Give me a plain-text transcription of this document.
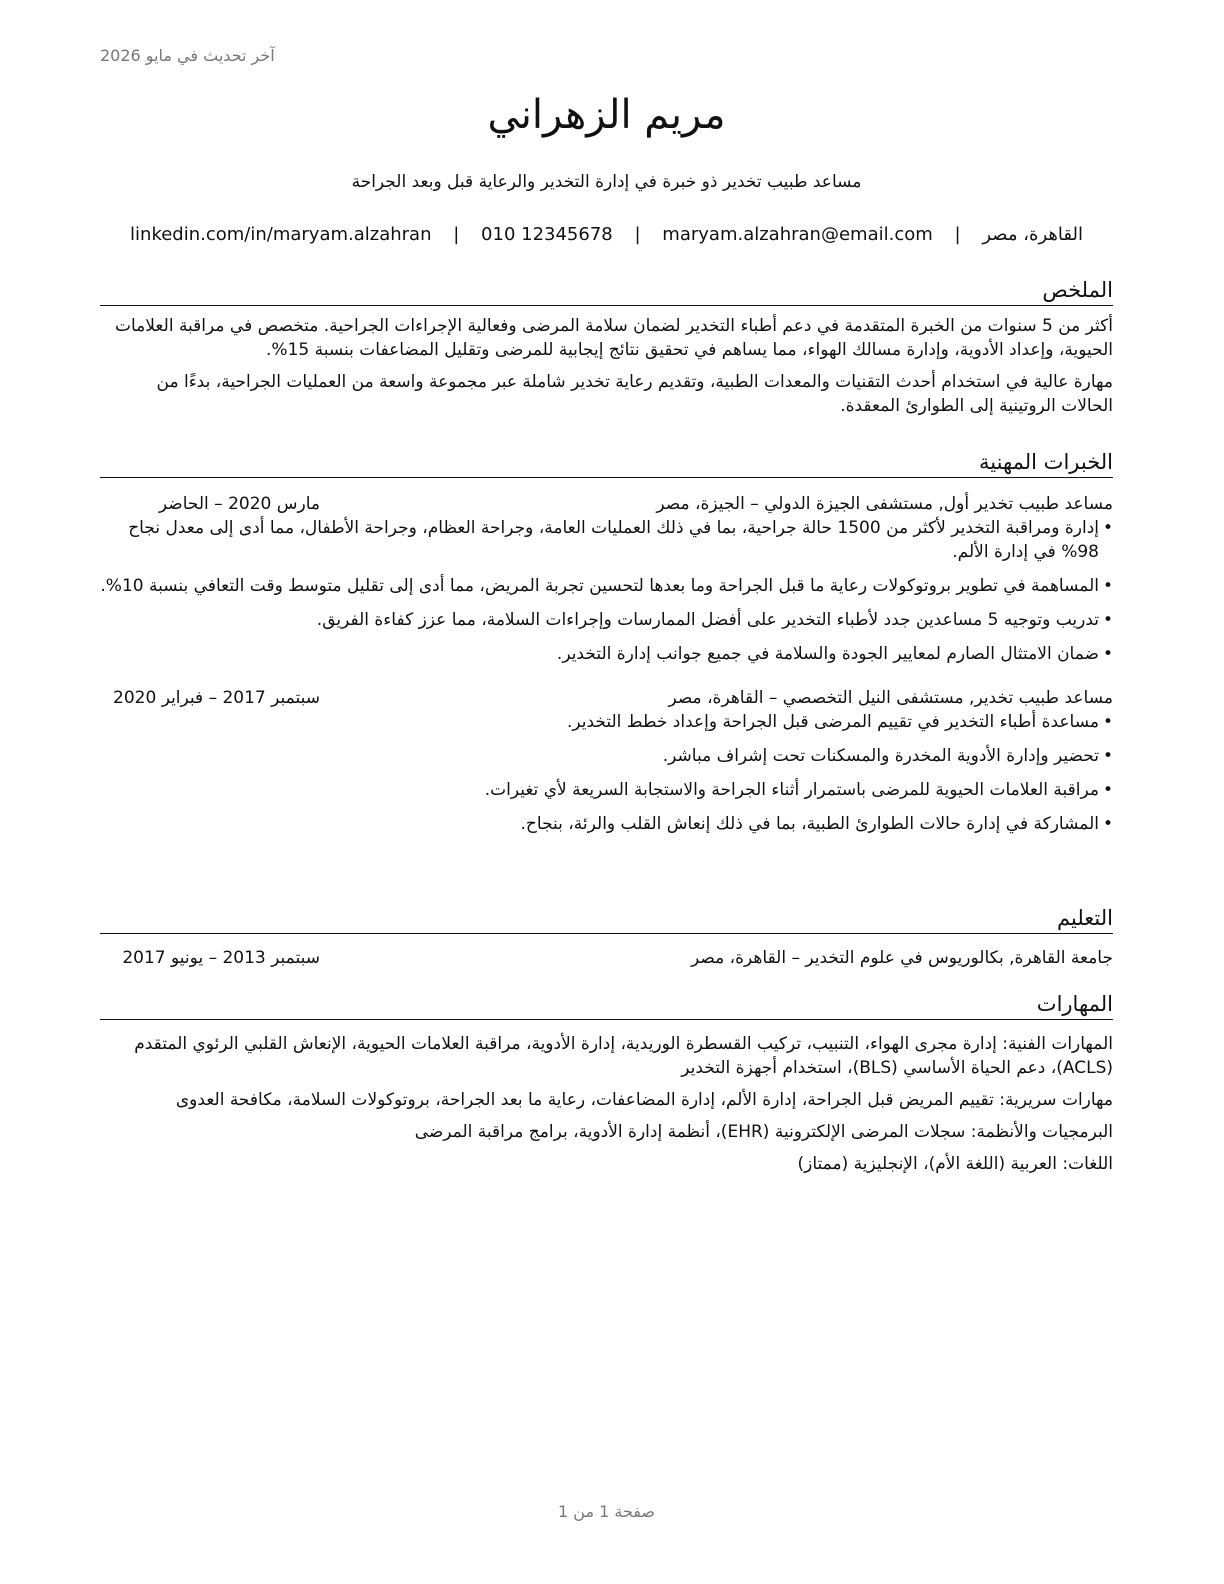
آخر تحديث في مايو 2026
مريم الزهراني
مساعد طبيب تخدير ذو خبرة في إدارة التخدير والرعاية قبل وبعد الجراحة
القاهرة، مصر | maryam.alzahran@email.com | 010 12345678 | linkedin.com/in/maryam.alzahran
الملخص

أكثر من 5 سنوات من الخبرة المتقدمة في دعم أطباء التخدير لضمان سلامة المرضى وفعالية الإجراءات الجراحية. متخصص في مراقبة العلامات الحيوية، وإعداد الأدوية، وإدارة مسالك الهواء، مما يساهم في تحقيق نتائج إيجابية للمرضى وتقليل المضاعفات بنسبة 15%.

مهارة عالية في استخدام أحدث التقنيات والمعدات الطبية، وتقديم رعاية تخدير شاملة عبر مجموعة واسعة من العمليات الجراحية، بدءًا من الحالات الروتينية إلى الطوارئ المعقدة.

الخبرات المهنية
مساعد طبيب تخدير أول, مستشفى الجيزة الدولي – الجيزة، مصر
مارس 2020 – الحاضر
• إدارة ومراقبة التخدير لأكثر من 1500 حالة جراحية، بما في ذلك العمليات العامة، وجراحة العظام، وجراحة الأطفال، مما أدى إلى معدل نجاح 98% في إدارة الألم.
• المساهمة في تطوير بروتوكولات رعاية ما قبل الجراحة وما بعدها لتحسين تجربة المريض، مما أدى إلى تقليل متوسط وقت التعافي بنسبة 10%.
• تدريب وتوجيه 5 مساعدين جدد لأطباء التخدير على أفضل الممارسات وإجراءات السلامة، مما عزز كفاءة الفريق.
• ضمان الامتثال الصارم لمعايير الجودة والسلامة في جميع جوانب إدارة التخدير.
مساعد طبيب تخدير, مستشفى النيل التخصصي – القاهرة، مصر
سبتمبر 2017 – فبراير 2020
• مساعدة أطباء التخدير في تقييم المرضى قبل الجراحة وإعداد خطط التخدير.
• تحضير وإدارة الأدوية المخدرة والمسكنات تحت إشراف مباشر.
• مراقبة العلامات الحيوية للمرضى باستمرار أثناء الجراحة والاستجابة السريعة لأي تغيرات.
• المشاركة في إدارة حالات الطوارئ الطبية، بما في ذلك إنعاش القلب والرئة، بنجاح.
التعليم
جامعة القاهرة, بكالوريوس في علوم التخدير – القاهرة، مصر
سبتمبر 2013 – يونيو 2017
المهارات
المهارات الفنية: إدارة مجرى الهواء، التنبيب، تركيب القسطرة الوريدية، إدارة الأدوية، مراقبة العلامات الحيوية، الإنعاش القلبي الرئوي المتقدم (ACLS)، دعم الحياة الأساسي (BLS)، استخدام أجهزة التخدير
مهارات سريرية: تقييم المريض قبل الجراحة، إدارة الألم، إدارة المضاعفات، رعاية ما بعد الجراحة، بروتوكولات السلامة، مكافحة العدوى
البرمجيات والأنظمة: سجلات المرضى الإلكترونية (EHR)، أنظمة إدارة الأدوية، برامج مراقبة المرضى
اللغات: العربية (اللغة الأم)، الإنجليزية (ممتاز)
صفحة 1 من 1
